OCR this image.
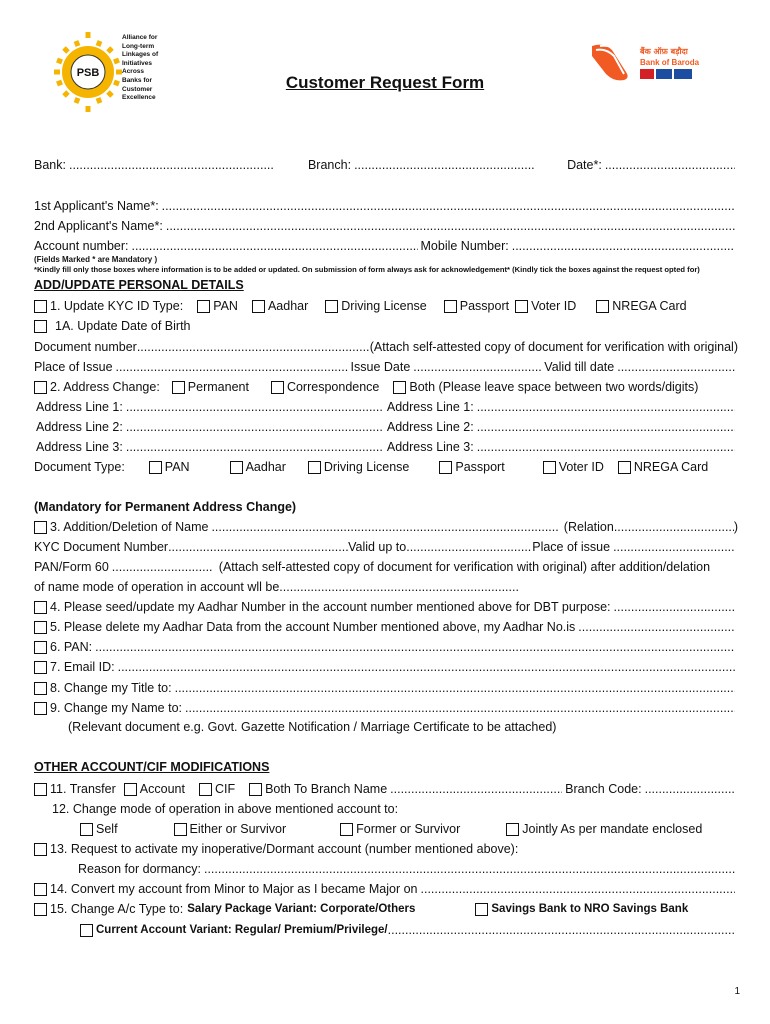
PSB
Alliance for
Long-term
Linkages of
Initiatives
Across
Banks for
Customer
Excellence
बैंक ऑफ़ बड़ौदा
Bank of Baroda
Customer Request Form
Bank: .....	Branch: .....	Date*:
.....
1st Applicant's Name*:
.....
2nd Applicant's Name*:
.....
Account number: .....	Mobile Number:
.....
(Fields Marked * are Mandatory )
*Kindly fill only those boxes where information is to be added or updated. On submission of form always ask for acknowledgement* (Kindly tick the boxes against the request opted for)
ADD/UPDATE PERSONAL DETAILS
1. Update KYC ID Type: PAN Aadhar	Driving License	Passport Voter ID	NREGA Card
1A. Update Date of Birth
Document number .....	(Attach self-attested copy of document for verification with original)
Place of Issue .....	Issue Date .....	Valid till date
.....
2. Address Change: Permanent	Correspondence Both (Please leave space between two words/digits)
Address Line 1: .....	Address Line 1:
.....
Address Line 2: .....	Address Line 2:
.....
Address Line 3: .....	Address Line 3:
.....
Document Type:	PAN	Aadhar	Driving License	Passport	Voter ID NREGA Card
(Mandatory for Permanent Address Change)
3. Addition/Deletion of Name .....	(Relation .....	)
KYC Document Number .....	Valid up to .....	Place of issue
.....
PAN/Form 60 .....	(Attach self-attested copy of document for verification with original) after addition/delation
of name mode of operation in account wll be
.....
4. Please seed/update my Aadhar Number in the account number mentioned above for DBT purpose:
.....
5. Please delete my Aadhar Data from the account Number mentioned above, my Aadhar No.is
.....
6. PAN:
.....
7. Email ID:
.....
8. Change my Title to:
.....
9. Change my Name to:
.....
(Relevant document e.g. Govt. Gazette Notification / Marriage Certificate to be attached)
OTHER ACCOUNT/CIF MODIFICATIONS
11. Transfer Account CIF Both To Branch Name .....	Branch Code:
.....
12. Change mode of operation in above mentioned account to:
Self	Either or Survivor	Former or Survivor	Jointly As per mandate enclosed
13. Request to activate my inoperative/Dormant account (number mentioned above):
Reason for dormancy:
.....
14. Convert my account from Minor to Major as I became Major on
.....
15. Change A/c Type to: Salary Package Variant: Corporate/Others	Savings Bank to NRO Savings Bank
Current Account Variant: Regular/ Premium/Privilege/
.....
1
